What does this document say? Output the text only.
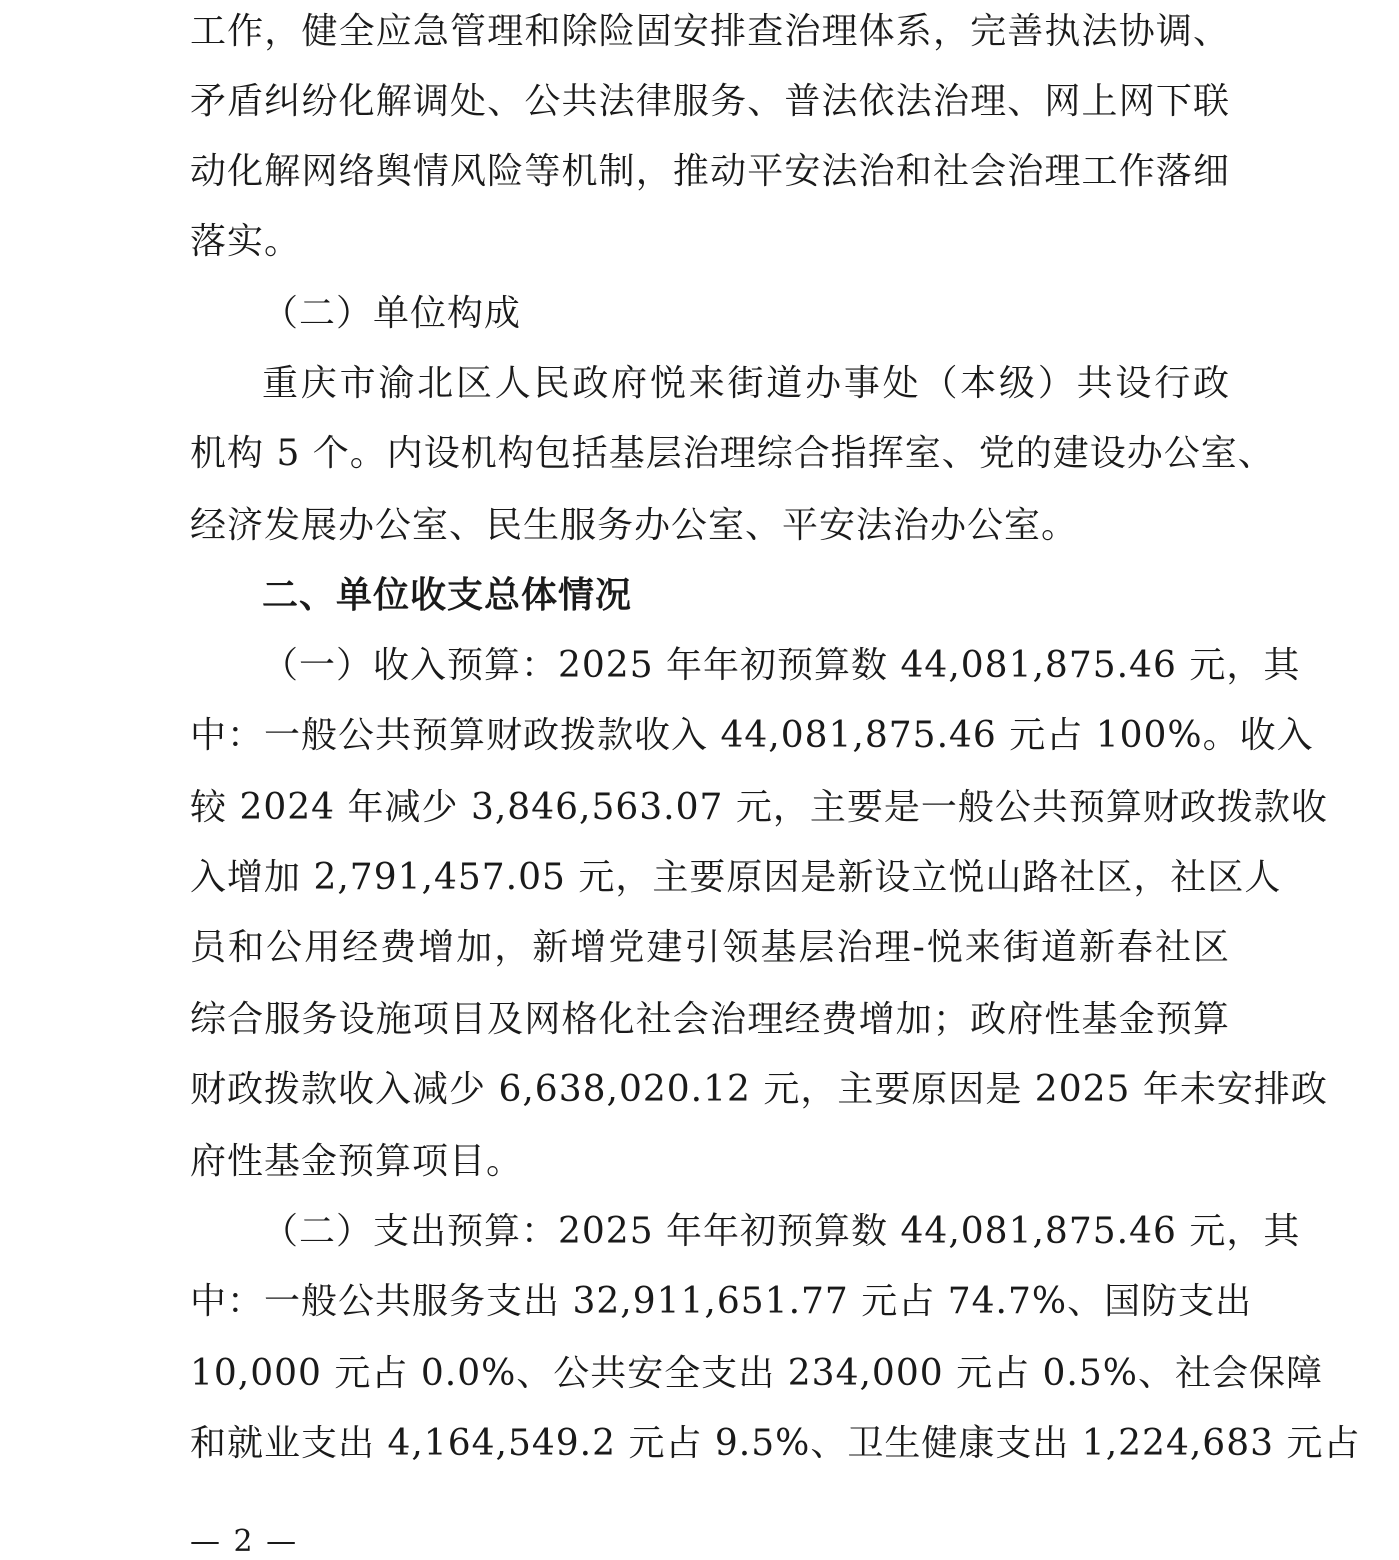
工作，健全应急管理和除险固安排查治理体系，完善执法协调、
矛盾纠纷化解调处、公共法律服务、普法依法治理、网上网下联
动化解网络舆情风险等机制，推动平安法治和社会治理工作落细
落实。
（二）单位构成
重庆市渝北区人民政府悦来街道办事处（本级）共设行政
机构 5 个。内设机构包括基层治理综合指挥室、党的建设办公室、
经济发展办公室、民生服务办公室、平安法治办公室。
二、单位收支总体情况
（一）收入预算：2025 年年初预算数 44,081,875.46 元，其
中：一般公共预算财政拨款收入 44,081,875.46 元占 100%。收入
较 2024 年减少 3,846,563.07 元，主要是一般公共预算财政拨款收
入增加 2,791,457.05 元，主要原因是新设立悦山路社区，社区人
员和公用经费增加，新增党建引领基层治理-悦来街道新春社区
综合服务设施项目及网格化社会治理经费增加；政府性基金预算
财政拨款收入减少 6,638,020.12 元，主要原因是 2025 年未安排政
府性基金预算项目。
（二）支出预算：2025 年年初预算数 44,081,875.46 元，其
中：一般公共服务支出 32,911,651.77 元占 74.7%、国防支出
10,000 元占 0.0%、公共安全支出 234,000 元占 0.5%、社会保障
和就业支出 4,164,549.2 元占 9.5%、卫生健康支出 1,224,683 元占
— 2 —
